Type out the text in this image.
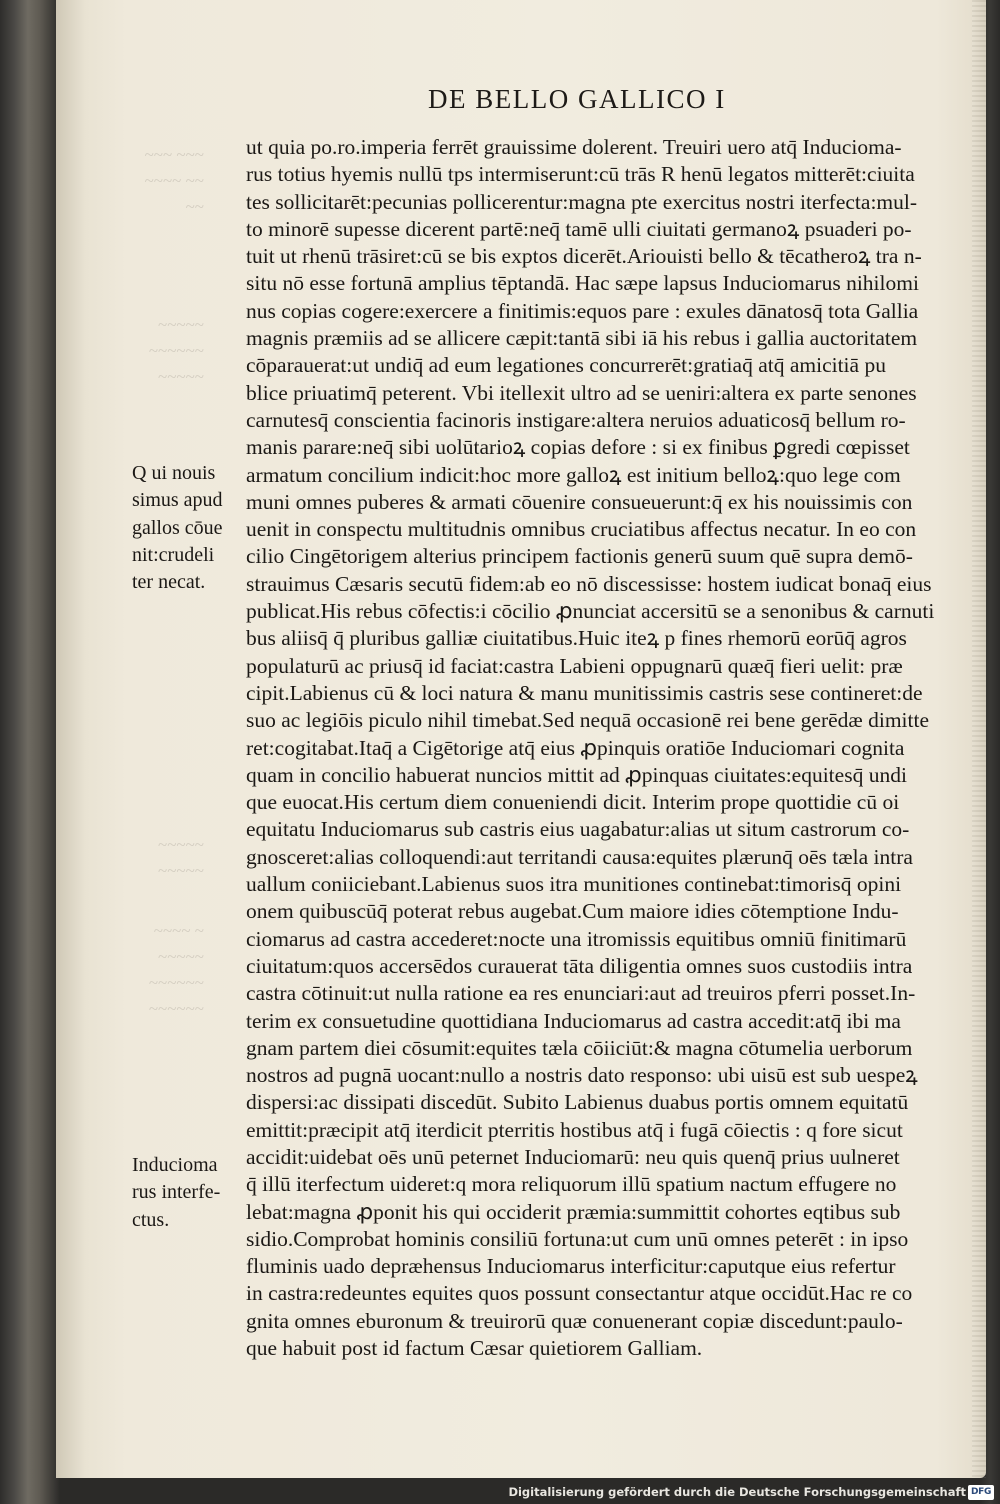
~~~ ~~~
~~~~ ~~
~~
~~~~~
~~~~~~
~~~~~
~~~~~
~~~~~
~~~~ ~
~~~~~
~~~~~~
~~~~~~
DE BELLO GALLICO I
ut quia po.ro.imperia ferrēt grauissime dolerent. Treuiri uero atq̄ Inducioma-
rus totius hyemis nullū tps intermiserunt:cū trās R henū legatos mitterēt:ciuita
tes sollicitarēt:pecunias pollicerentur:magna pte exercitus nostri iterfecta:mul-
to minorē supesse dicerent partē:neq̄ tamē ulli ciuitati germanoꝝ psuaderi po-
tuit ut rhenū trāsiret:cū se bis exptos dicerēt.Ariouisti bello & tēcatheroꝝ tra n-
situ nō esse fortunā amplius tēptandā. Hac sæpe lapsus Induciomarus nihilomi
nus copias cogere:exercere a finitimis:equos pare : exules dānatosq̄ tota Gallia
magnis præmiis ad se allicere cæpit:tantā sibi iā his rebus i gallia auctoritatem
cōparauerat:ut undiq̄ ad eum legationes concurrerēt:gratiaq̄ atq̄ amicitiā pu
blice priuatimq̄ peterent. Vbi itellexit ultro ad se ueniri:altera ex parte senones
carnutesq̄ conscientia facinoris instigare:altera neruios aduaticosq̄ bellum ro-
manis parare:neq̄ sibi uolūtarioꝝ copias defore : si ex finibus ꝑgredi cœpisset
armatum concilium indicit:hoc more galloꝝ est initium belloꝝ:quo lege com
muni omnes puberes & armati cōuenire consueuerunt:q̄ ex his nouissimis con
uenit in conspectu multitudnis omnibus cruciatibus affectus necatur. In eo con
cilio Cingētorigem alterius principem factionis generū suum quē supra demō-
strauimus Cæsaris secutū fidem:ab eo nō discessisse: hostem iudicat bonaq̄ eius
publicat.His rebus cōfectis:i cōcilio ꝓnunciat accersitū se a senonibus & carnuti
bus aliisq̄ q̄ pluribus galliæ ciuitatibus.Huic iteꝝ p fines rhemorū eorūq̄ agros
populaturū ac priusq̄ id faciat:castra Labieni oppugnarū quæq̄ fieri uelit: præ
cipit.Labienus cū & loci natura & manu munitissimis castris sese contineret:de
suo ac legiōis piculo nihil timebat.Sed nequā occasionē rei bene gerēdæ dimitte
ret:cogitabat.Itaq̄ a Cigētorige atq̄ eius ꝓpinquis oratiōe Induciomari cognita
quam in concilio habuerat nuncios mittit ad ꝓpinquas ciuitates:equitesq̄ undi
que euocat.His certum diem conueniendi dicit. Interim prope quottidie cū oi
equitatu Induciomarus sub castris eius uagabatur:alias ut situm castrorum co-
gnosceret:alias colloquendi:aut territandi causa:equites plærunq̄ oēs tæla intra
uallum coniiciebant.Labienus suos itra munitiones continebat:timorisq̄ opini
onem quibuscūq̄ poterat rebus augebat.Cum maiore idies cōtemptione Indu-
ciomarus ad castra accederet:nocte una itromissis equitibus omniū finitimarū
ciuitatum:quos accersēdos curauerat tāta diligentia omnes suos custodiis intra
castra cōtinuit:ut nulla ratione ea res enunciari:aut ad treuiros pferri posset.In-
terim ex consuetudine quottidiana Induciomarus ad castra accedit:atq̄ ibi ma
gnam partem diei cōsumit:equites tæla cōiiciūt:& magna cōtumelia uerborum
nostros ad pugnā uocant:nullo a nostris dato responso: ubi uisū est sub uespeꝝ
dispersi:ac dissipati discedūt. Subito Labienus duabus portis omnem equitatū
emittit:præcipit atq̄ iterdicit pterritis hostibus atq̄ i fugā cōiectis : q fore sicut
accidit:uidebat oēs unū peternet Induciomarū: neu quis quenq̄ prius uulneret
q̄ illū iterfectum uideret:q mora reliquorum illū spatium nactum effugere no
lebat:magna ꝓponit his qui occiderit præmia:summittit cohortes eqtibus sub
sidio.Comprobat hominis consiliū fortuna:ut cum unū omnes peterēt : in ipso
fluminis uado depræhensus Induciomarus interficitur:caputque eius refertur
in castra:redeuntes equites quos possunt consectantur atque occidūt.Hac re co
gnita omnes eburonum & treuirorū quæ conuenerant copiæ discedunt:paulo-
que habuit post id factum Cæsar quietiorem Galliam.
Q ui nouis
simus apud
gallos cōue
nit:crudeli
ter necat.
Inducioma
rus interfe-
ctus.
Digitalisierung gefördert durch die Deutsche Forschungsgemeinschaft DFG
